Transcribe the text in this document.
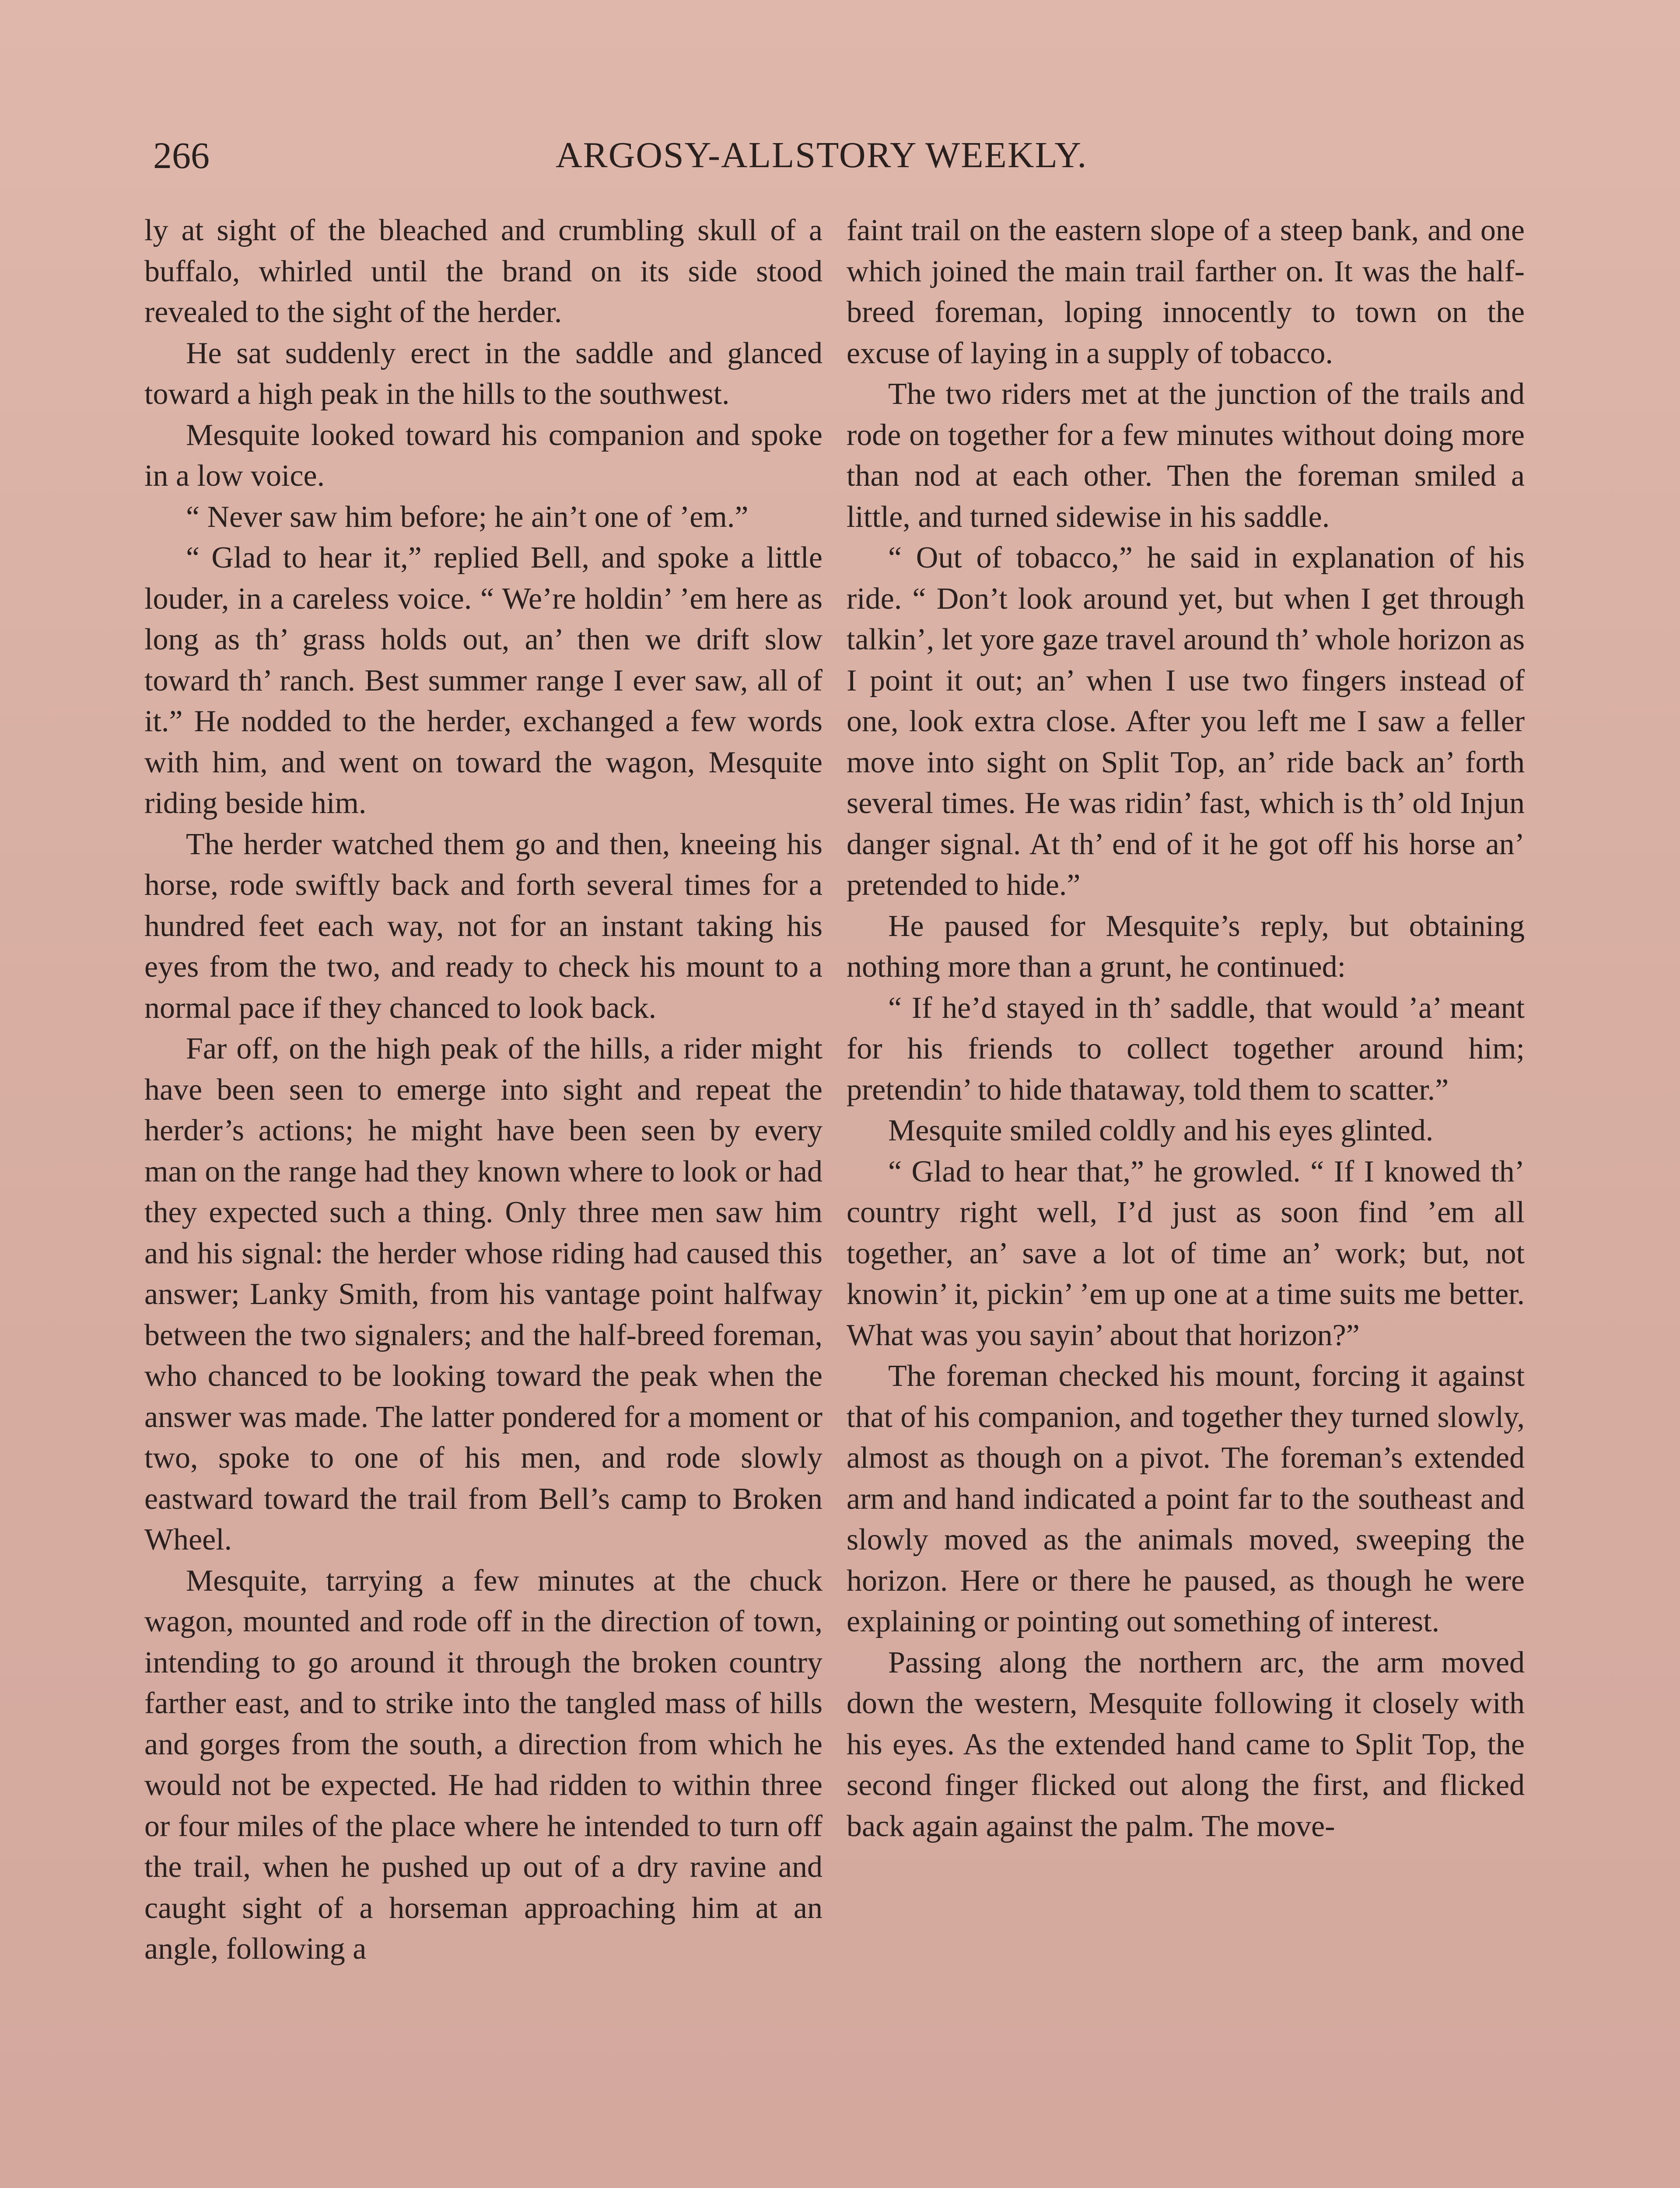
266	ARGOSY-ALLSTORY WEEKLY.

ly at sight of the bleached and crumbling skull of a buffalo, whirled until the brand on its side stood revealed to the sight of the herder.

He sat suddenly erect in the saddle and glanced toward a high peak in the hills to the southwest.

Mesquite looked toward his companion and spoke in a low voice.

“ Never saw him before; he ain’t one of ’em.”

“ Glad to hear it,” replied Bell, and spoke a little louder, in a careless voice. “ We’re holdin’ ’em here as long as th’ grass holds out, an’ then we drift slow toward th’ ranch. Best summer range I ever saw, all of it.” He nodded to the herder, exchanged a few words with him, and went on toward the wagon, Mesquite riding beside him.

The herder watched them go and then, kneeing his horse, rode swiftly back and forth several times for a hundred feet each way, not for an instant taking his eyes from the two, and ready to check his mount to a normal pace if they chanced to look back.

Far off, on the high peak of the hills, a rider might have been seen to emerge into sight and repeat the herder’s actions; he might have been seen by every man on the range had they known where to look or had they expected such a thing. Only three men saw him and his signal: the herder whose riding had caused this answer; Lanky Smith, from his vantage point halfway between the two signalers; and the half-breed foreman, who chanced to be looking toward the peak when the answer was made. The latter pondered for a moment or two, spoke to one of his men, and rode slowly eastward toward the trail from Bell’s camp to Broken Wheel.

Mesquite, tarrying a few minutes at the chuck wagon, mounted and rode off in the direction of town, intending to go around it through the broken country farther east, and to strike into the tangled mass of hills and gorges from the south, a direction from which he would not be expected. He had ridden to within three or four miles of the place where he intended to turn off the trail, when he pushed up out of a dry ravine and caught sight of a horseman approaching him at an angle, following a

faint trail on the eastern slope of a steep bank, and one which joined the main trail farther on. It was the half-breed foreman, loping innocently to town on the excuse of laying in a supply of tobacco.

The two riders met at the junction of the trails and rode on together for a few minutes without doing more than nod at each other. Then the foreman smiled a little, and turned sidewise in his saddle.

“ Out of tobacco,” he said in explanation of his ride. “ Don’t look around yet, but when I get through talkin’, let yore gaze travel around th’ whole horizon as I point it out; an’ when I use two fingers instead of one, look extra close. After you left me I saw a feller move into sight on Split Top, an’ ride back an’ forth several times. He was ridin’ fast, which is th’ old Injun danger signal. At th’ end of it he got off his horse an’ pretended to hide.”

He paused for Mesquite’s reply, but obtaining nothing more than a grunt, he continued:

“ If he’d stayed in th’ saddle, that would ’a’ meant for his friends to collect together around him; pretendin’ to hide thataway, told them to scatter.”

Mesquite smiled coldly and his eyes glinted.

“ Glad to hear that,” he growled. “ If I knowed th’ country right well, I’d just as soon find ’em all together, an’ save a lot of time an’ work; but, not knowin’ it, pickin’ ’em up one at a time suits me better. What was you sayin’ about that horizon?”

The foreman checked his mount, forcing it against that of his companion, and together they turned slowly, almost as though on a pivot. The foreman’s extended arm and hand indicated a point far to the southeast and slowly moved as the animals moved, sweeping the horizon. Here or there he paused, as though he were explaining or pointing out something of interest.

Passing along the northern arc, the arm moved down the western, Mesquite following it closely with his eyes. As the extended hand came to Split Top, the second finger flicked out along the first, and flicked back again against the palm. The move-
